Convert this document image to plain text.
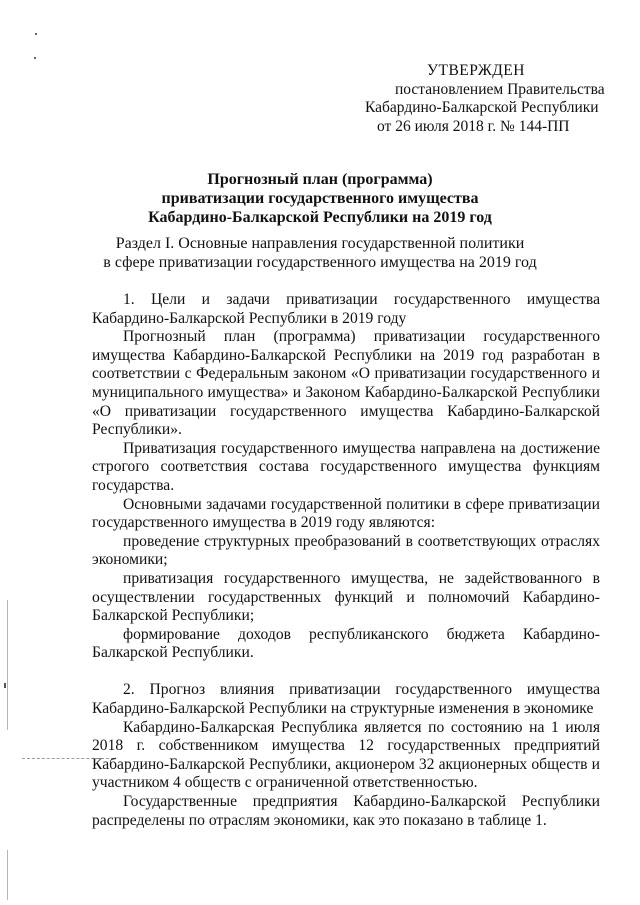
УТВЕРЖДЕН
постановлением Правительства
Кабардино-Балкарской Республики
от 26 июля 2018 г. № 144-ПП
Прогнозный план (программа)
приватизации государственного имущества
Кабардино-Балкарской Республики на 2019 год
Раздел I. Основные направления государственной политики
в сфере приватизации государственного имущества на 2019 год

1. Цели и задачи приватизации государственного имущества Кабардино-Балкарской Республики в 2019 году

Прогнозный план (программа) приватизации государственного имущества Кабардино-Балкарской Республики на 2019 год разработан в соответствии с Федеральным законом «О приватизации государственного и муниципального имущества» и Законом Кабардино-Балкарской Республики «О приватизации государственного имущества Кабардино-Балкарской Республики».

Приватизация государственного имущества направлена на достижение строгого соответствия состава государственного имущества функциям государства.

Основными задачами государственной политики в сфере приватизации государственного имущества в 2019 году являются:

проведение структурных преобразований в соответствующих отраслях экономики;

приватизация государственного имущества, не задействованного в осуществлении государственных функций и полномочий Кабардино-Балкарской Республики;

формирование доходов республиканского бюджета Кабардино-Балкарской Республики.

2. Прогноз влияния приватизации государственного имущества Кабардино-Балкарской Республики на структурные изменения в экономике

Кабардино-Балкарская Республика является по состоянию на 1 июля 2018 г. собственником имущества 12 государственных предприятий Кабардино-Балкарской Республики, акционером 32 акционерных обществ и участником 4 обществ с ограниченной ответственностью.

Государственные предприятия Кабардино-Балкарской Республики распределены по отраслям экономики, как это показано в таблице 1.
